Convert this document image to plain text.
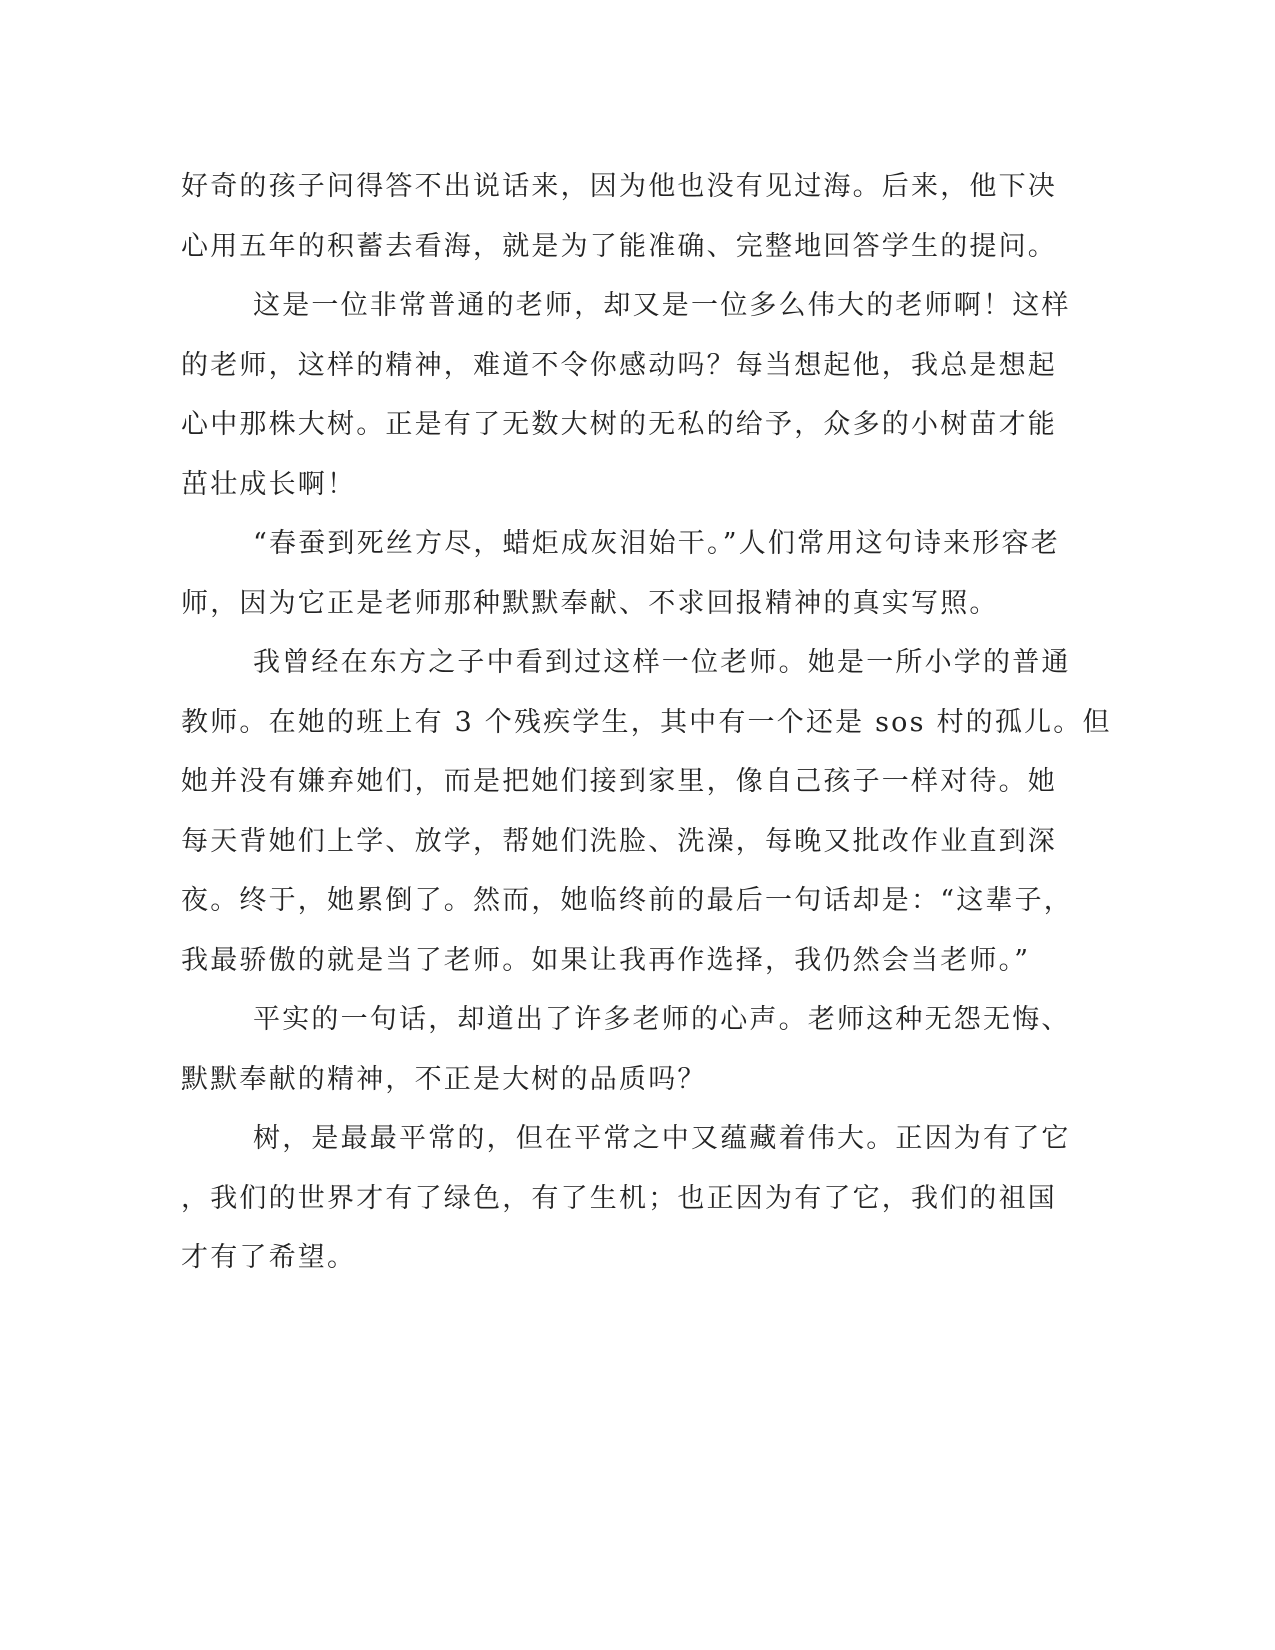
好奇的孩子问得答不出说话来，因为他也没有见过海。后来，他下决
心用五年的积蓄去看海，就是为了能准确、完整地回答学生的提问。
这是一位非常普通的老师，却又是一位多么伟大的老师啊！这样
的老师，这样的精神，难道不令你感动吗？每当想起他，我总是想起
心中那株大树。正是有了无数大树的无私的给予，众多的小树苗才能
茁壮成长啊！
“春蚕到死丝方尽，蜡炬成灰泪始干。”人们常用这句诗来形容老
师，因为它正是老师那种默默奉献、不求回报精神的真实写照。
我曾经在东方之子中看到过这样一位老师。她是一所小学的普通
教师。在她的班上有 3 个残疾学生，其中有一个还是 sos 村的孤儿。但
她并没有嫌弃她们，而是把她们接到家里，像自己孩子一样对待。她
每天背她们上学、放学，帮她们洗脸、洗澡，每晚又批改作业直到深
夜。终于，她累倒了。然而，她临终前的最后一句话却是：“这辈子，
我最骄傲的就是当了老师。如果让我再作选择，我仍然会当老师。”
平实的一句话，却道出了许多老师的心声。老师这种无怨无悔、
默默奉献的精神，不正是大树的品质吗？
树，是最最平常的，但在平常之中又蕴藏着伟大。正因为有了它
，我们的世界才有了绿色，有了生机；也正因为有了它，我们的祖国
才有了希望。
